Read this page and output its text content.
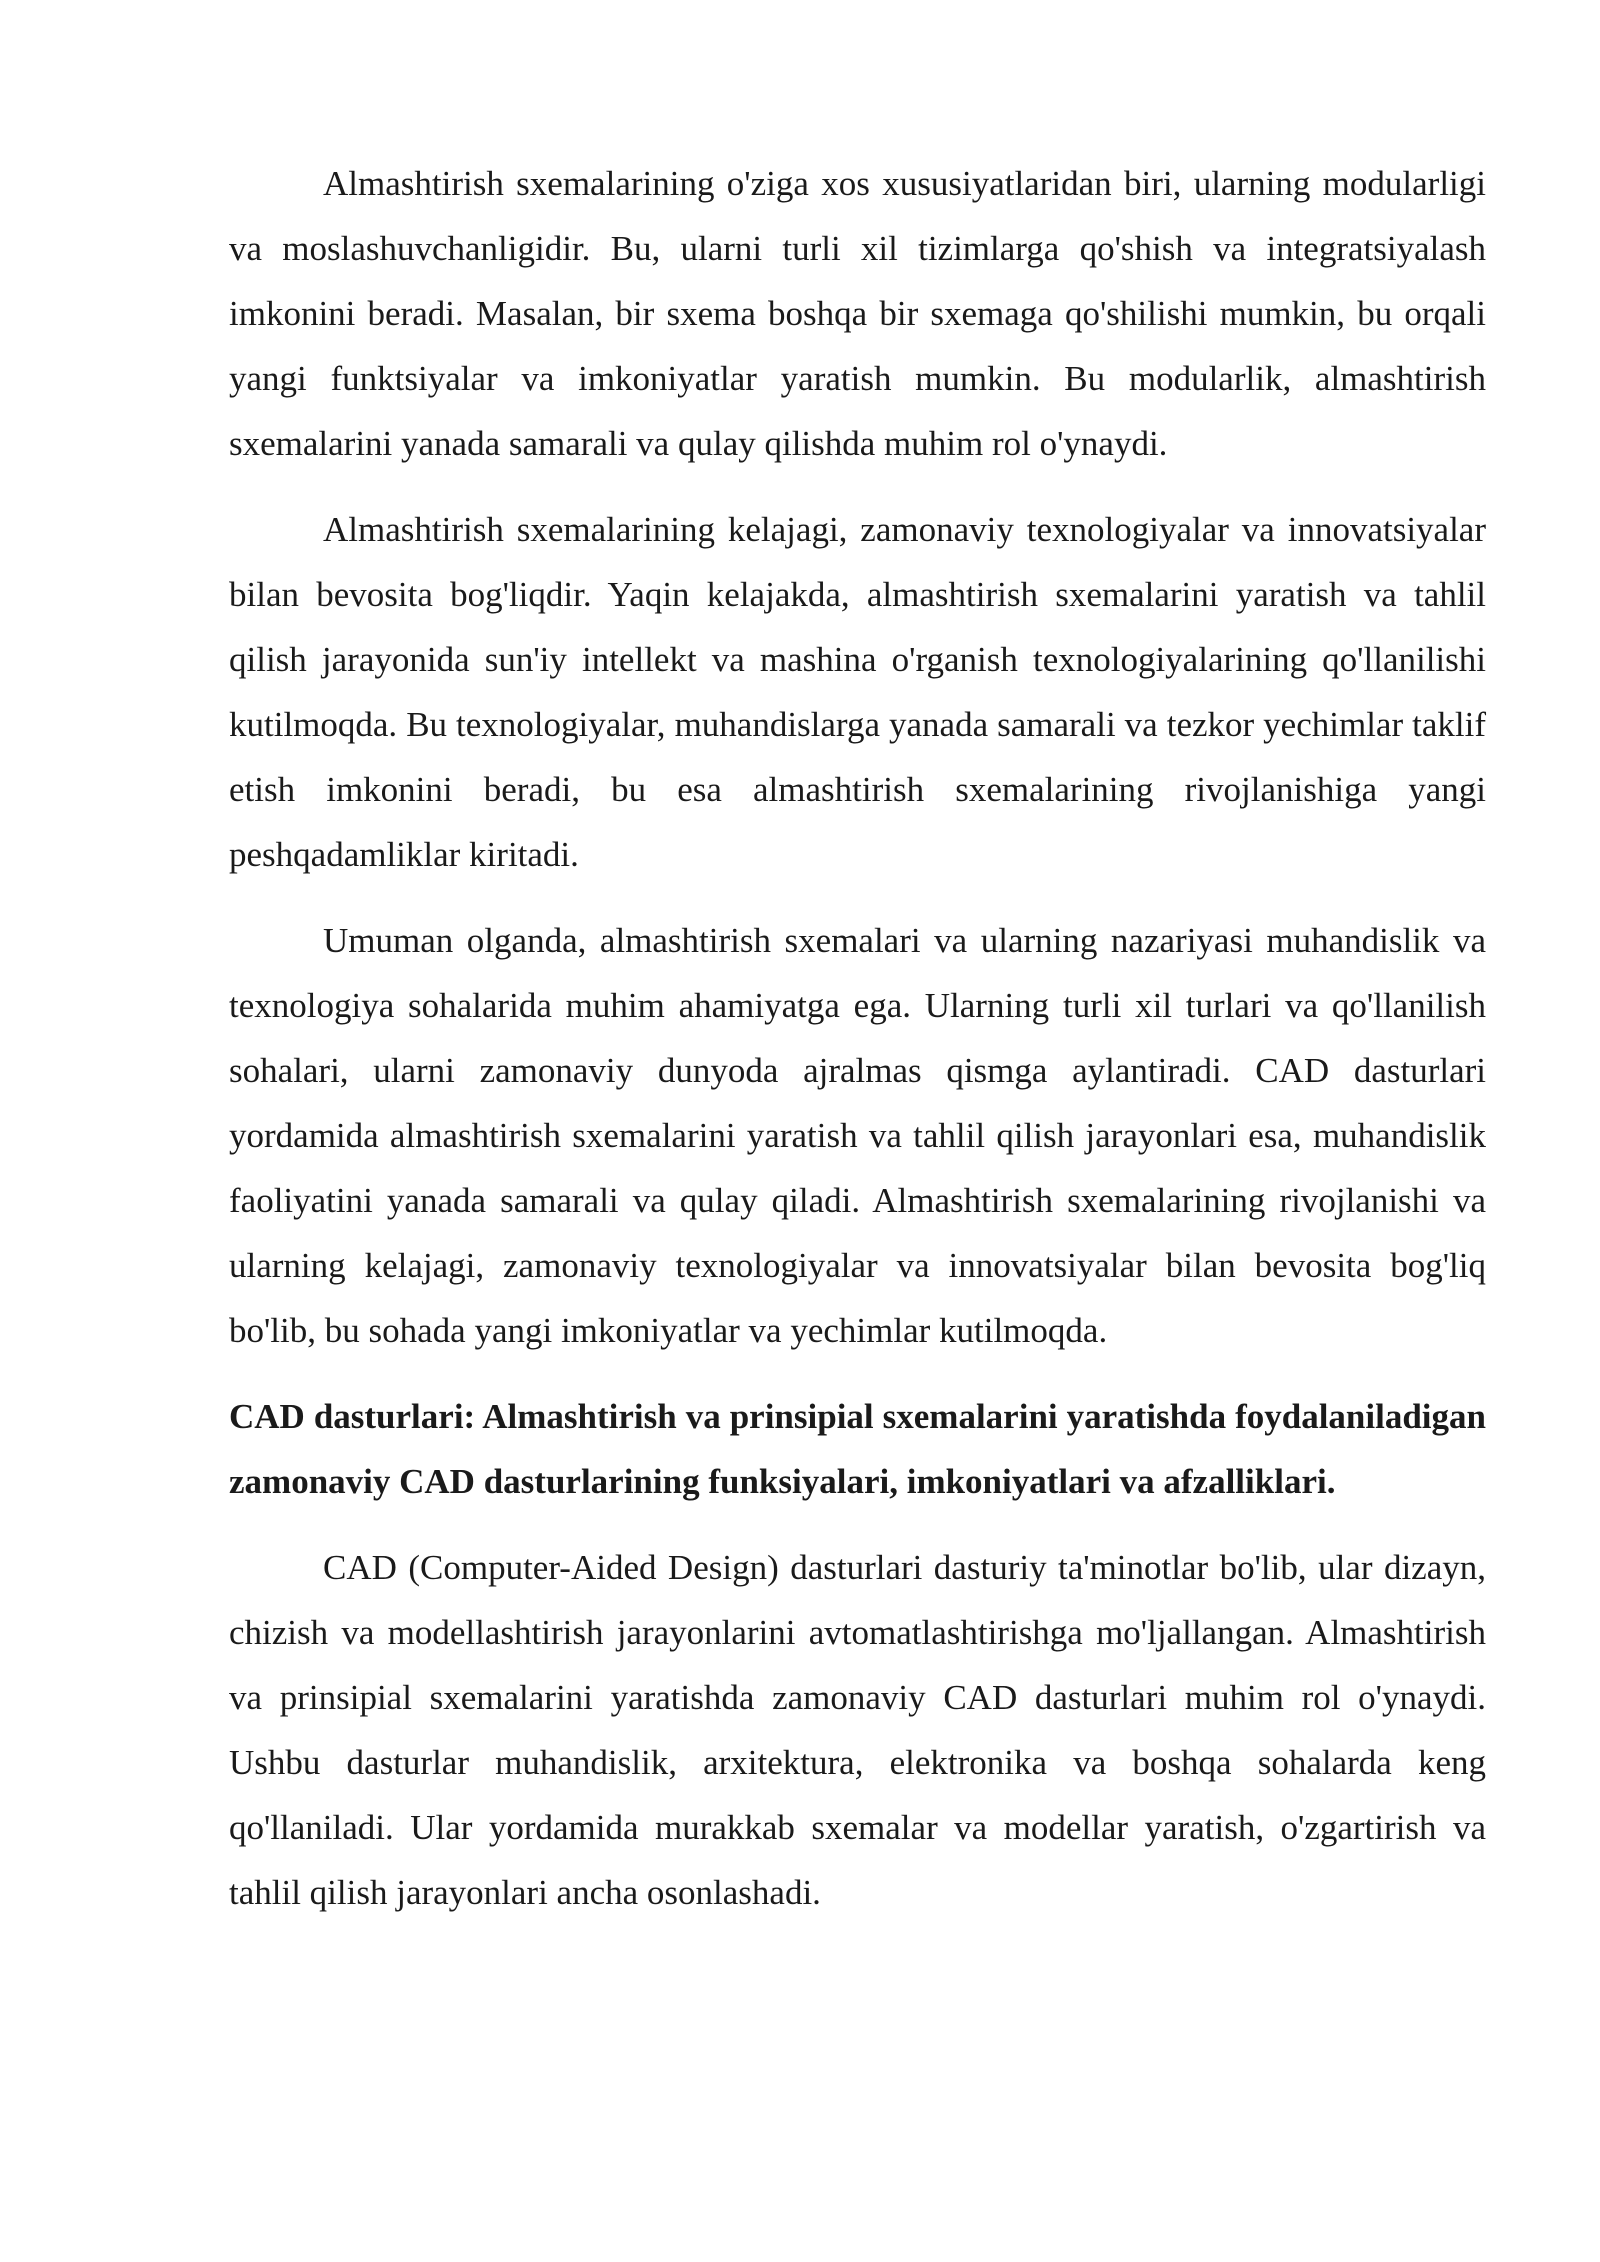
Almashtirish sxemalarining o'ziga xos xususiyatlaridan biri, ularning modularligi va moslashuvchanligidir. Bu, ularni turli xil tizimlarga qo'shish va integratsiyalash imkonini beradi. Masalan, bir sxema boshqa bir sxemaga qo'shilishi mumkin, bu orqali yangi funktsiyalar va imkoniyatlar yaratish mumkin. Bu modularlik, almashtirish sxemalarini yanada samarali va qulay qilishda muhim rol o'ynaydi.

Almashtirish sxemalarining kelajagi, zamonaviy texnologiyalar va innovatsiyalar bilan bevosita bog'liqdir. Yaqin kelajakda, almashtirish sxemalarini yaratish va tahlil qilish jarayonida sun'iy intellekt va mashina o'rganish texnologiyalarining qo'llanilishi kutilmoqda. Bu texnologiyalar, muhandislarga yanada samarali va tezkor yechimlar taklif etish imkonini beradi, bu esa almashtirish sxemalarining rivojlanishiga yangi peshqadamliklar kiritadi.

Umuman olganda, almashtirish sxemalari va ularning nazariyasi muhandislik va texnologiya sohalarida muhim ahamiyatga ega. Ularning turli xil turlari va qo'llanilish sohalari, ularni zamonaviy dunyoda ajralmas qismga aylantiradi. CAD dasturlari yordamida almashtirish sxemalarini yaratish va tahlil qilish jarayonlari esa, muhandislik faoliyatini yanada samarali va qulay qiladi. Almashtirish sxemalarining rivojlanishi va ularning kelajagi, zamonaviy texnologiyalar va innovatsiyalar bilan bevosita bog'liq bo'lib, bu sohada yangi imkoniyatlar va yechimlar kutilmoqda.

CAD dasturlari: Almashtirish va prinsipial sxemalarini yaratishda foydalaniladigan zamonaviy CAD dasturlarining funksiyalari, imkoniyatlari va afzalliklari.

CAD (Computer-Aided Design) dasturlari dasturiy ta'minotlar bo'lib, ular dizayn, chizish va modellashtirish jarayonlarini avtomatlashtirishga mo'ljallangan. Almashtirish va prinsipial sxemalarini yaratishda zamonaviy CAD dasturlari muhim rol o'ynaydi. Ushbu dasturlar muhandislik, arxitektura, elektronika va boshqa sohalarda keng qo'llaniladi. Ular yordamida murakkab sxemalar va modellar yaratish, o'zgartirish va tahlil qilish jarayonlari ancha osonlashadi.
